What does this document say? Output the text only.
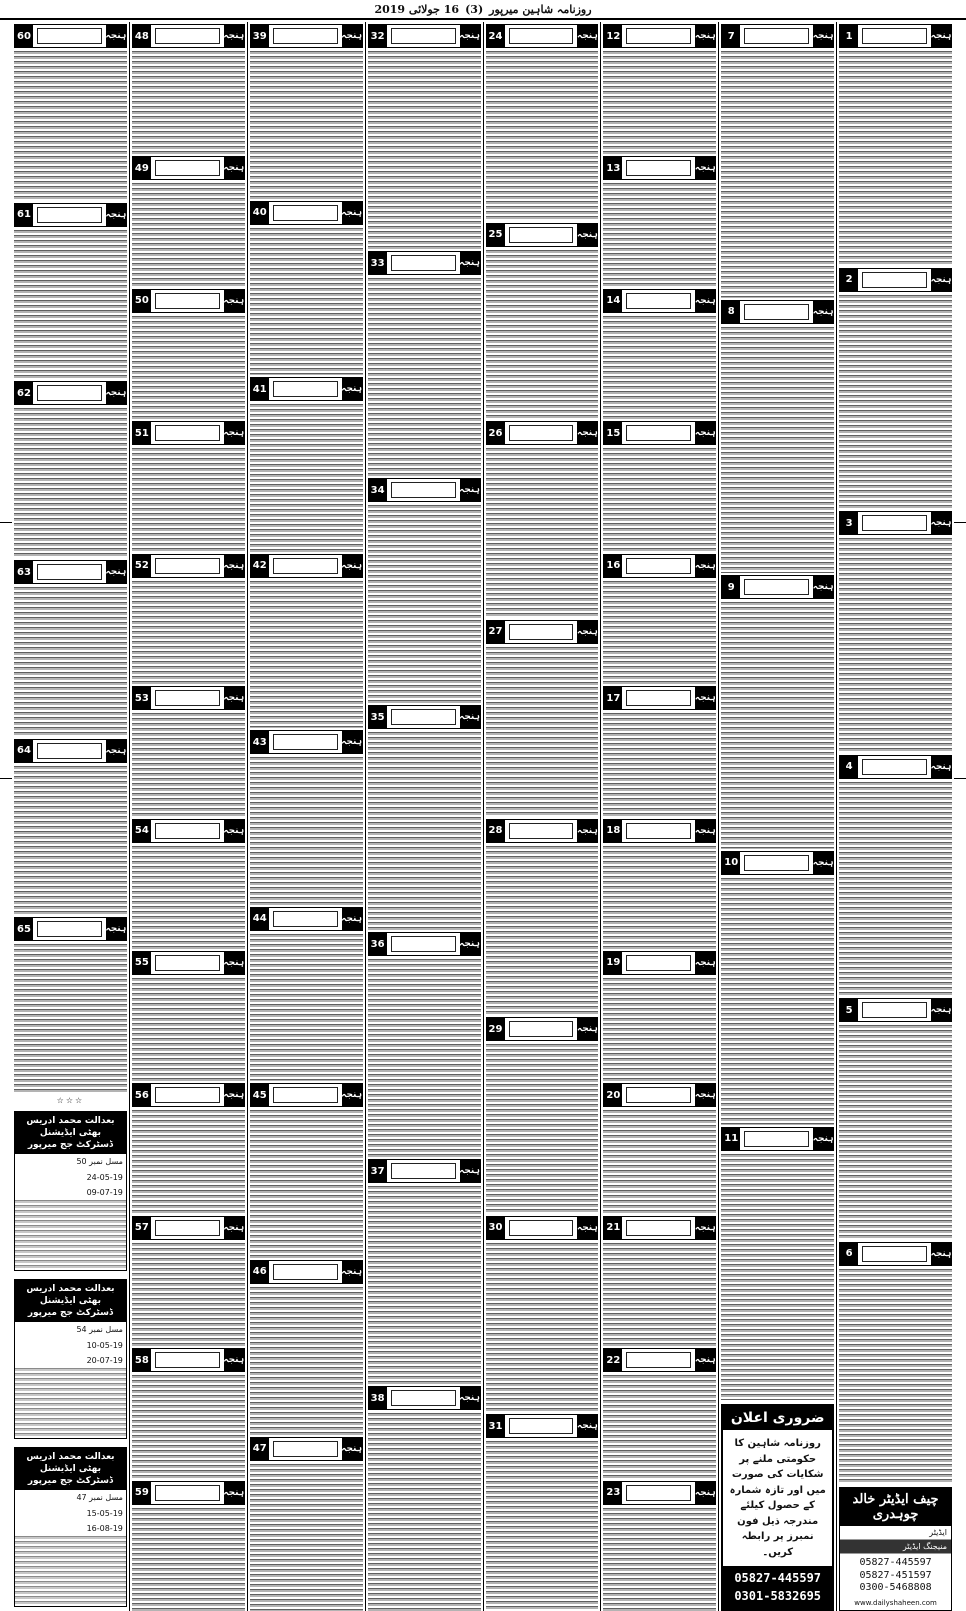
روزنامہ شاہین میرپور
(3)
16

جولائی

2019
ہنجہ
1
ہنجہ
2
ہنجہ
3
ہنجہ
4
ہنجہ
5
ہنجہ
6
چیف ایڈیٹر خالد چوہدری
ایڈیٹر
منیجنگ ایڈیٹر
05827-445597
05827-451597
0300-5468808
www.dailyshaheen.com
ہنجہ
7
ہنجہ
8
ہنجہ
9
ہنجہ
10
ہنجہ
11
ضروری اعلان
روزنامہ شاہین کا حکومتی ملنے پر شکایات کی صورت میں اور تازہ شمارہ کے حصول کیلئے مندرجہ ذیل فون نمبرز پر رابطہ کریں۔
05827-445597
0301-5832695
ہنجہ
12
ہنجہ
13
ہنجہ
14
ہنجہ
15
ہنجہ
16
ہنجہ
17
ہنجہ
18
ہنجہ
19
ہنجہ
20
ہنجہ
21
ہنجہ
22
ہنجہ
23
ہنجہ
24
ہنجہ
25
ہنجہ
26
ہنجہ
27
ہنجہ
28
ہنجہ
29
ہنجہ
30
ہنجہ
31
ہنجہ
32
ہنجہ
33
ہنجہ
34
ہنجہ
35
ہنجہ
36
ہنجہ
37
ہنجہ
38
ہنجہ
39
ہنجہ
40
ہنجہ
41
ہنجہ
42
ہنجہ
43
ہنجہ
44
ہنجہ
45
ہنجہ
46
ہنجہ
47
ہنجہ
48
ہنجہ
49
ہنجہ
50
ہنجہ
51
ہنجہ
52
ہنجہ
53
ہنجہ
54
ہنجہ
55
ہنجہ
56
ہنجہ
57
ہنجہ
58
ہنجہ
59
ہنجہ
60
ہنجہ
61
ہنجہ
62
ہنجہ
63
ہنجہ
64
ہنجہ
65
☆☆☆
بعدالت محمد ادریس بھٹی ایڈیشنل
ڈسٹرکٹ جج میرپور
مسل نمبر 50
24-05-19
09-07-19
بعدالت محمد ادریس بھٹی ایڈیشنل
ڈسٹرکٹ جج میرپور
مسل نمبر 54
10-05-19
20-07-19
بعدالت محمد ادریس بھٹی ایڈیشنل
ڈسٹرکٹ جج میرپور
مسل نمبر 47
15-05-19
16-08-19
